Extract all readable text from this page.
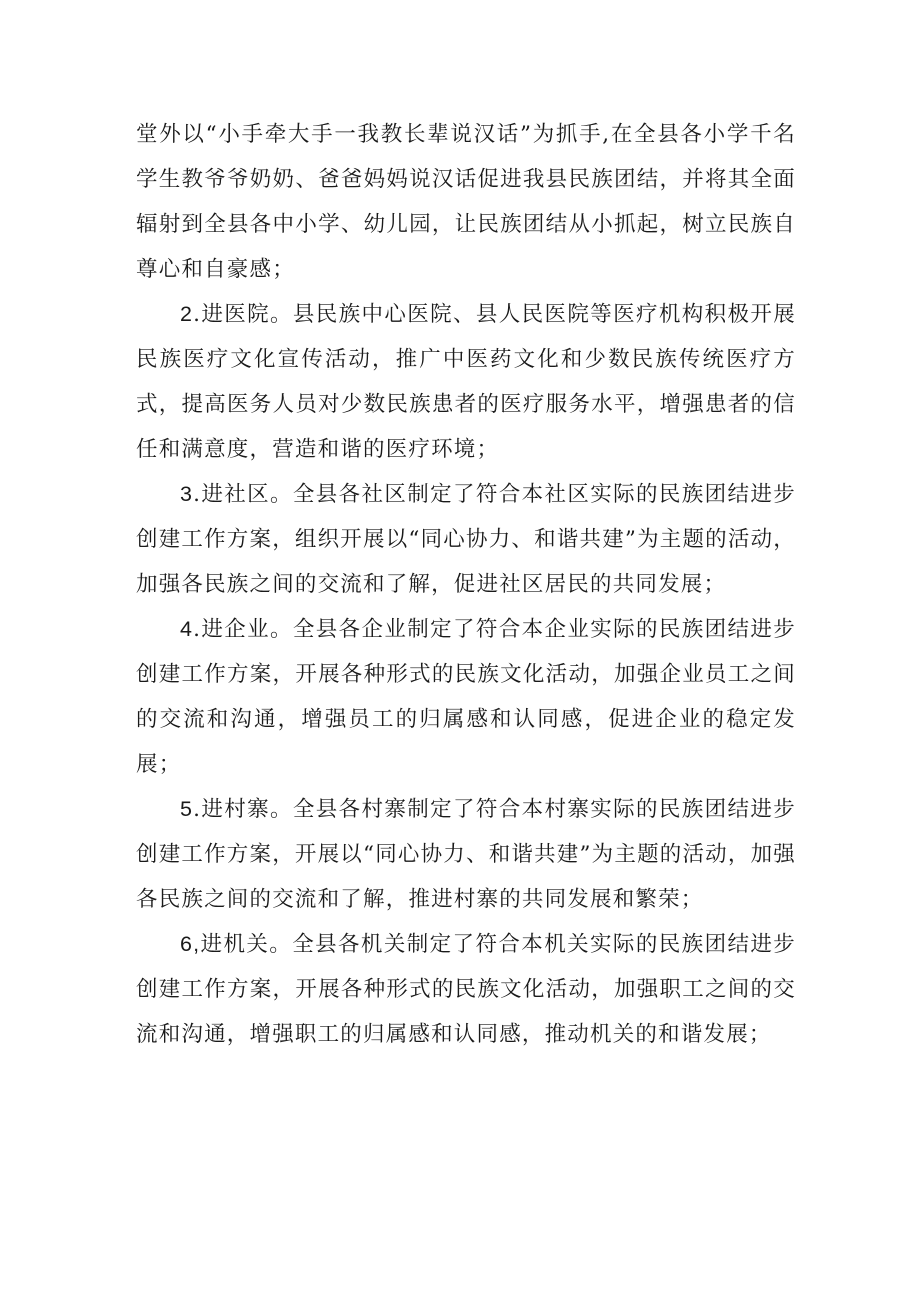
堂外以“小手牵大手一我教长辈说汉话”为抓手,在全县各小学千名学生教爷爷奶奶、爸爸妈妈说汉话促进我县民族团结，并将其全面辐射到全县各中小学、幼儿园，让民族团结从小抓起，树立民族自尊心和自豪感；

2.进医院。县民族中心医院、县人民医院等医疗机构积极开展民族医疗文化宣传活动，推广中医药文化和少数民族传统医疗方式，提高医务人员对少数民族患者的医疗服务水平，增强患者的信任和满意度，营造和谐的医疗环境；

3.进社区。全县各社区制定了符合本社区实际的民族团结进步创建工作方案，组织开展以“同心协力、和谐共建”为主题的活动，加强各民族之间的交流和了解，促进社区居民的共同发展；

4.进企业。全县各企业制定了符合本企业实际的民族团结进步创建工作方案，开展各种形式的民族文化活动，加强企业员工之间的交流和沟通，增强员工的归属感和认同感，促进企业的稳定发展；

5.进村寨。全县各村寨制定了符合本村寨实际的民族团结进步创建工作方案，开展以“同心协力、和谐共建”为主题的活动，加强各民族之间的交流和了解，推进村寨的共同发展和繁荣；

6,进机关。全县各机关制定了符合本机关实际的民族团结进步创建工作方案，开展各种形式的民族文化活动，加强职工之间的交流和沟通，增强职工的归属感和认同感，推动机关的和谐发展；
